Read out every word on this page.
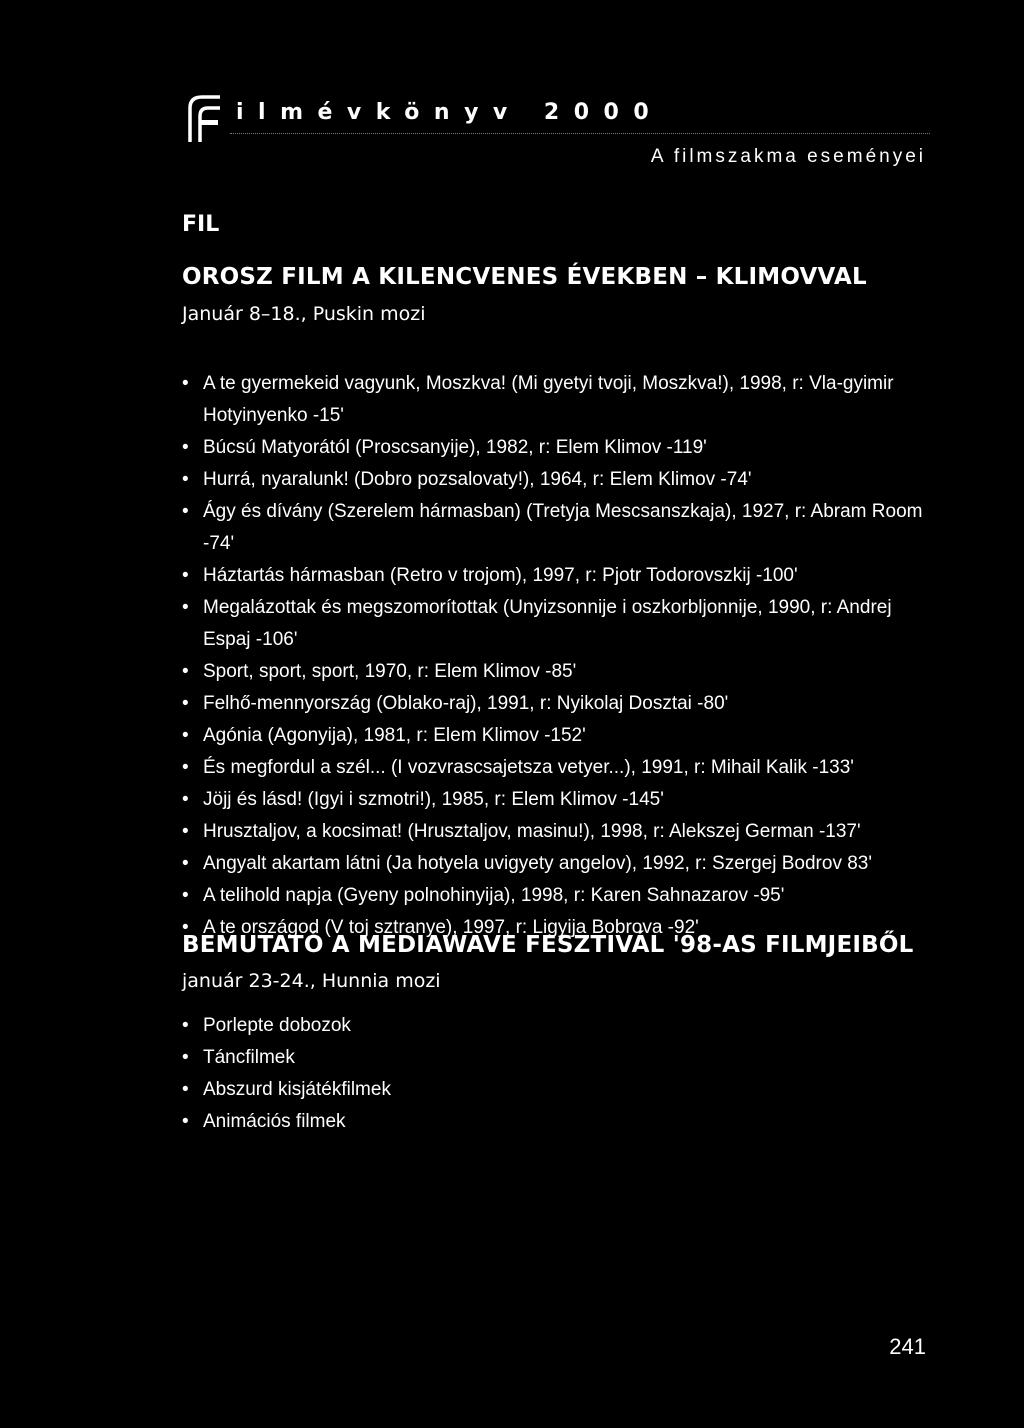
ilmévkönyv 2000
A filmszakma eseményei
FIL
OROSZ FILM A KILENCVENES ÉVEKBEN – KLIMOVVAL
Január 8–18., Puskin mozi
• A te gyermekeid vagyunk, Moszkva! (Mi gyetyi tvoji, Moszkva!), 1998, r: Vla-gyimir Hotyinyenko -15'
• Búcsú Matyorától (Proscsanyije), 1982, r: Elem Klimov -119'
• Hurrá, nyaralunk! (Dobro pozsalovaty!), 1964, r: Elem Klimov -74'
• Ágy és dívány (Szerelem hármasban) (Tretyja Mescsanszkaja), 1927, r: Abram Room -74'
• Háztartás hármasban (Retro v trojom), 1997, r: Pjotr Todorovszkij -100'
• Megalázottak és megszomorítottak (Unyizsonnije i oszkorbljonnije, 1990, r: Andrej Espaj -106'
• Sport, sport, sport, 1970, r: Elem Klimov -85'
• Felhő-mennyország (Oblako-raj), 1991, r: Nyikolaj Dosztai -80'
• Agónia (Agonyija), 1981, r: Elem Klimov -152'
• És megfordul a szél... (I vozvrascsajetsza vetyer...), 1991, r: Mihail Kalik -133'
• Jöjj és lásd! (Igyi i szmotri!), 1985, r: Elem Klimov -145'
• Hrusztaljov, a kocsimat! (Hrusztaljov, masinu!), 1998, r: Alekszej German -137'
• Angyalt akartam látni (Ja hotyela uvigyety angelov), 1992, r: Szergej Bodrov 83'
• A telihold napja (Gyeny polnohinyija), 1998, r: Karen Sahnazarov -95'
• A te országod (V toj sztranye), 1997, r: Ligyija Bobrova -92'
BEMUTATÓ A MEDIAWAVE FESZTIVÁL '98-AS FILMJEIBŐL
január 23-24., Hunnia mozi
• Porlepte dobozok
• Táncfilmek
• Abszurd kisjátékfilmek
• Animációs filmek
241
